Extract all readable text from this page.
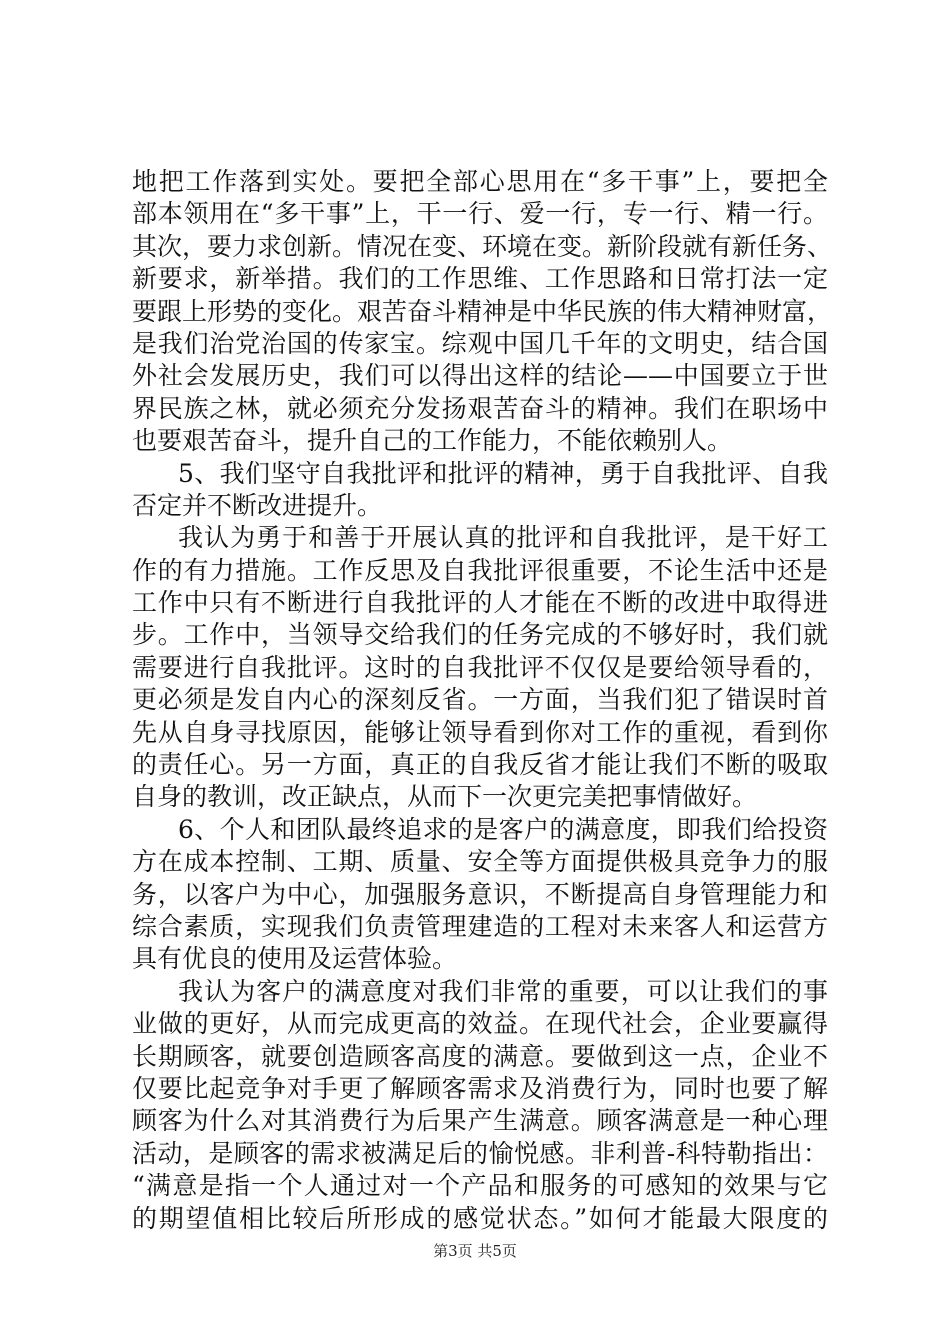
地把工作落到实处。要把全部心思用在“多干事”上，要把全
部本领用在“多干事”上，干一行、爱一行，专一行、精一行。
其次，要力求创新。情况在变、环境在变。新阶段就有新任务、
新要求，新举措。我们的工作思维、工作思路和日常打法一定
要跟上形势的变化。艰苦奋斗精神是中华民族的伟大精神财富，
是我们治党治国的传家宝。综观中国几千年的文明史，结合国
外社会发展历史，我们可以得出这样的结论——中国要立于世
界民族之林，就必须充分发扬艰苦奋斗的精神。我们在职场中
也要艰苦奋斗，提升自己的工作能力，不能依赖别人。
5、我们坚守自我批评和批评的精神，勇于自我批评、自我
否定并不断改进提升。
我认为勇于和善于开展认真的批评和自我批评，是干好工
作的有力措施。工作反思及自我批评很重要，不论生活中还是
工作中只有不断进行自我批评的人才能在不断的改进中取得进
步。工作中，当领导交给我们的任务完成的不够好时，我们就
需要进行自我批评。这时的自我批评不仅仅是要给领导看的，
更必须是发自内心的深刻反省。一方面，当我们犯了错误时首
先从自身寻找原因，能够让领导看到你对工作的重视，看到你
的责任心。另一方面，真正的自我反省才能让我们不断的吸取
自身的教训，改正缺点，从而下一次更完美把事情做好。
6、个人和团队最终追求的是客户的满意度，即我们给投资
方在成本控制、工期、质量、安全等方面提供极具竞争力的服
务，以客户为中心，加强服务意识，不断提高自身管理能力和
综合素质，实现我们负责管理建造的工程对未来客人和运营方
具有优良的使用及运营体验。
我认为客户的满意度对我们非常的重要，可以让我们的事
业做的更好，从而完成更高的效益。在现代社会，企业要赢得
长期顾客，就要创造顾客高度的满意。要做到这一点，企业不
仅要比起竞争对手更了解顾客需求及消费行为，同时也要了解
顾客为什么对其消费行为后果产生满意。顾客满意是一种心理
活动，是顾客的需求被满足后的愉悦感。非利普-科特勒指出：
“满意是指一个人通过对一个产品和服务的可感知的效果与它
的期望值相比较后所形成的感觉状态。”如何才能最大限度的
第3页 共5页
